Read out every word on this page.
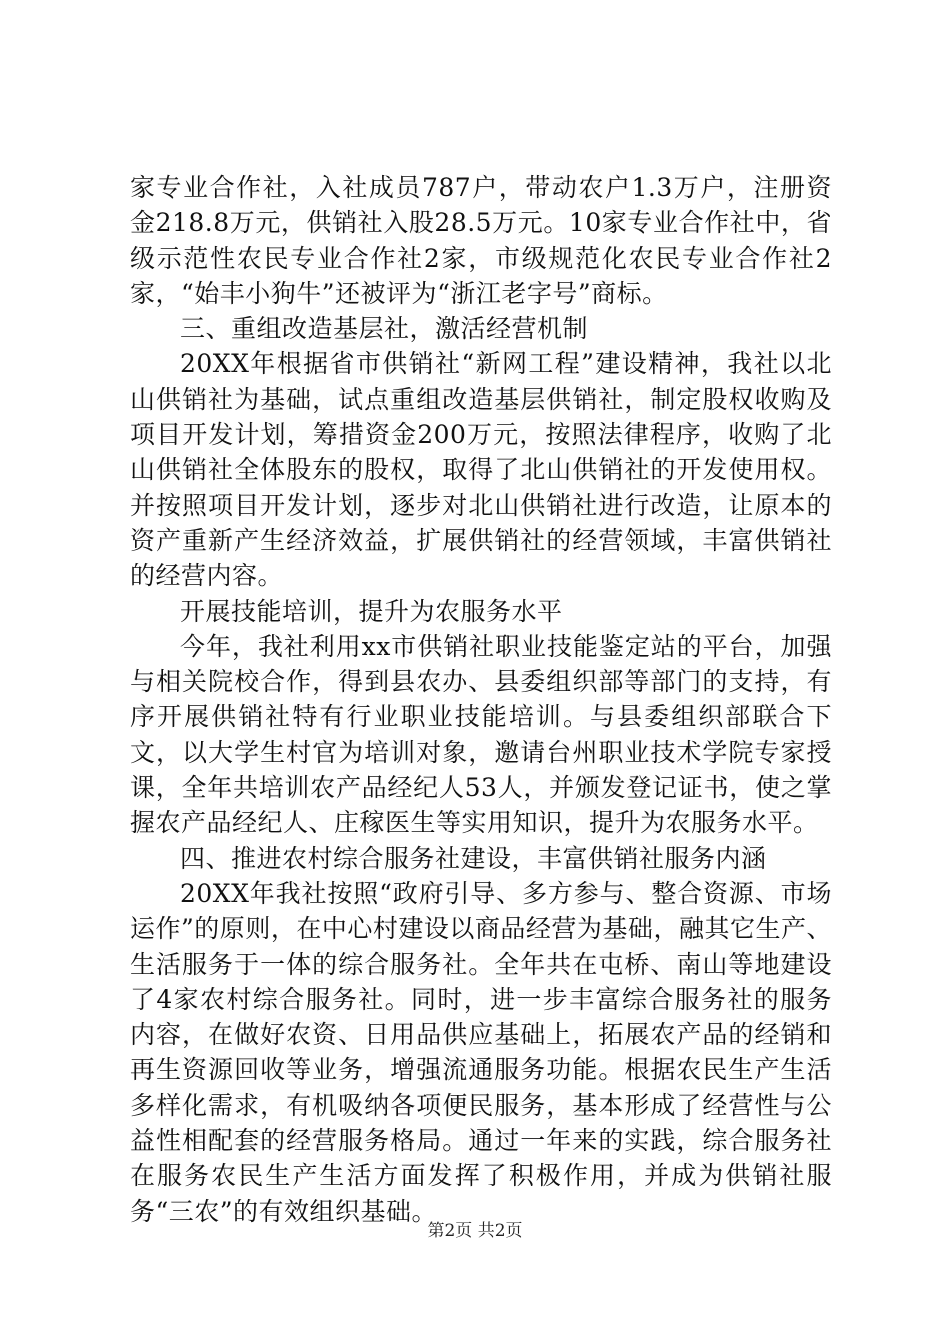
家专业合作社，入社成员787户，带动农户1.3万户，注册资金218.8万元，供销社入股28.5万元。10家专业合作社中，省级示范性农民专业合作社2家，市级规范化农民专业合作社2家，“始丰小狗牛”还被评为“浙江老字号”商标。

三、重组改造基层社，激活经营机制

20XX年根据省市供销社“新网工程”建设精神，我社以北山供销社为基础，试点重组改造基层供销社，制定股权收购及项目开发计划，筹措资金200万元，按照法律程序，收购了北山供销社全体股东的股权，取得了北山供销社的开发使用权。并按照项目开发计划，逐步对北山供销社进行改造，让原本的资产重新产生经济效益，扩展供销社的经营领域，丰富供销社的经营内容。

开展技能培训，提升为农服务水平

今年，我社利用xx市供销社职业技能鉴定站的平台，加强与相关院校合作，得到县农办、县委组织部等部门的支持，有序开展供销社特有行业职业技能培训。与县委组织部联合下文，以大学生村官为培训对象，邀请台州职业技术学院专家授课，全年共培训农产品经纪人53人，并颁发登记证书，使之掌握农产品经纪人、庄稼医生等实用知识，提升为农服务水平。

四、推进农村综合服务社建设，丰富供销社服务内涵

20XX年我社按照“政府引导、多方参与、整合资源、市场运作”的原则，在中心村建设以商品经营为基础，融其它生产、生活服务于一体的综合服务社。全年共在屯桥、南山等地建设了4家农村综合服务社。同时，进一步丰富综合服务社的服务内容，在做好农资、日用品供应基础上，拓展农产品的经销和再生资源回收等业务，增强流通服务功能。根据农民生产生活多样化需求，有机吸纳各项便民服务，基本形成了经营性与公益性相配套的经营服务格局。通过一年来的实践，综合服务社在服务农民生产生活方面发挥了积极作用，并成为供销社服务“三农”的有效组织基础。

第2页 共2页
